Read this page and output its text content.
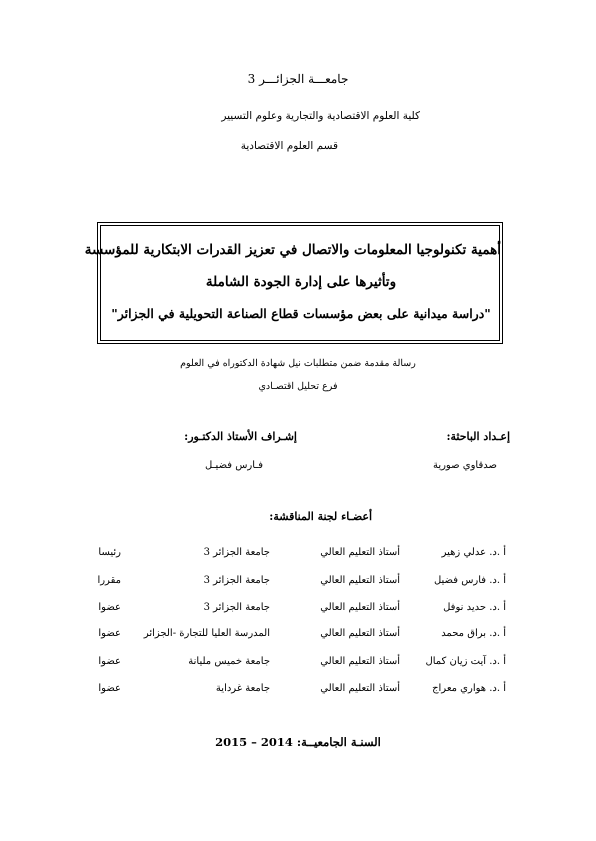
جامعـــة الجزائـــر 3
كلية العلوم الاقتصادية والتجارية وعلوم التسيير
قسم العلوم الاقتصادية
أهمية تكنولوجيا المعلومات والاتصال في تعزيز القدرات الابتكارية للمؤسسة
وتأثيرها على إدارة الجودة الشاملة
"دراسة ميدانية على بعض مؤسسات قطاع الصناعة التحويلية في الجزائر"
رسالة مقدمة ضمن متطلبات نيل شهادة الدكتوراه في العلوم
فرع تحليل اقتصـادي
إعـداد الباحثة:
صدقاوي صورية
إشـراف الأستاذ الدكتـور:
فـارس فضيـل
أعضـاء لجنة المناقشة:
أ .د. عدلي زهير
أستاذ التعليم العالي
جامعة الجزائر 3
رئيسا
أ .د. فارس فضيل
أستاذ التعليم العالي
جامعة الجزائر 3
مقررا
أ .د. حديد نوفل
أستاذ التعليم العالي
جامعة الجزائر 3
عضوا
أ .د. براق محمد
أستاذ التعليم العالي
المدرسة العليا للتجارة -الجزائر
عضوا
أ .د. آيت زيان كمال
أستاذ التعليم العالي
جامعة خميس مليانة
عضوا
أ .د. هواري معراج
أستاذ التعليم العالي
جامعة غرداية
عضوا
السنـة الجامعيــة: 2014 – 2015
